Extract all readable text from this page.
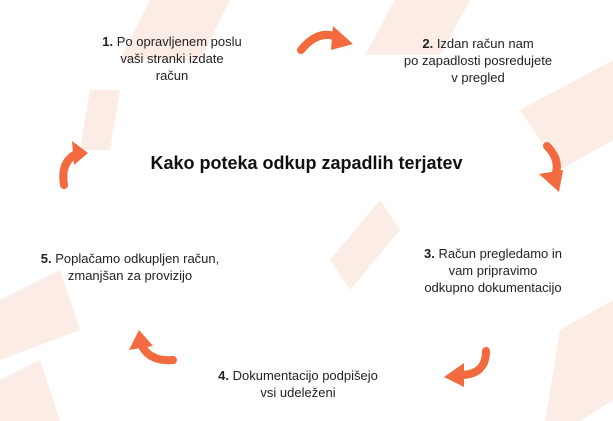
Kako poteka odkup zapadlih terjatev
1. Po opravljenem poslu
vaši stranki izdate
račun
2. Izdan račun nam
po zapadlosti posredujete
v pregled
3. Račun pregledamo in
vam pripravimo
odkupno dokumentacijo
4. Dokumentacijo podpišejo
vsi udeleženi
5. Poplačamo odkupljen račun,
zmanjšan za provizijo
